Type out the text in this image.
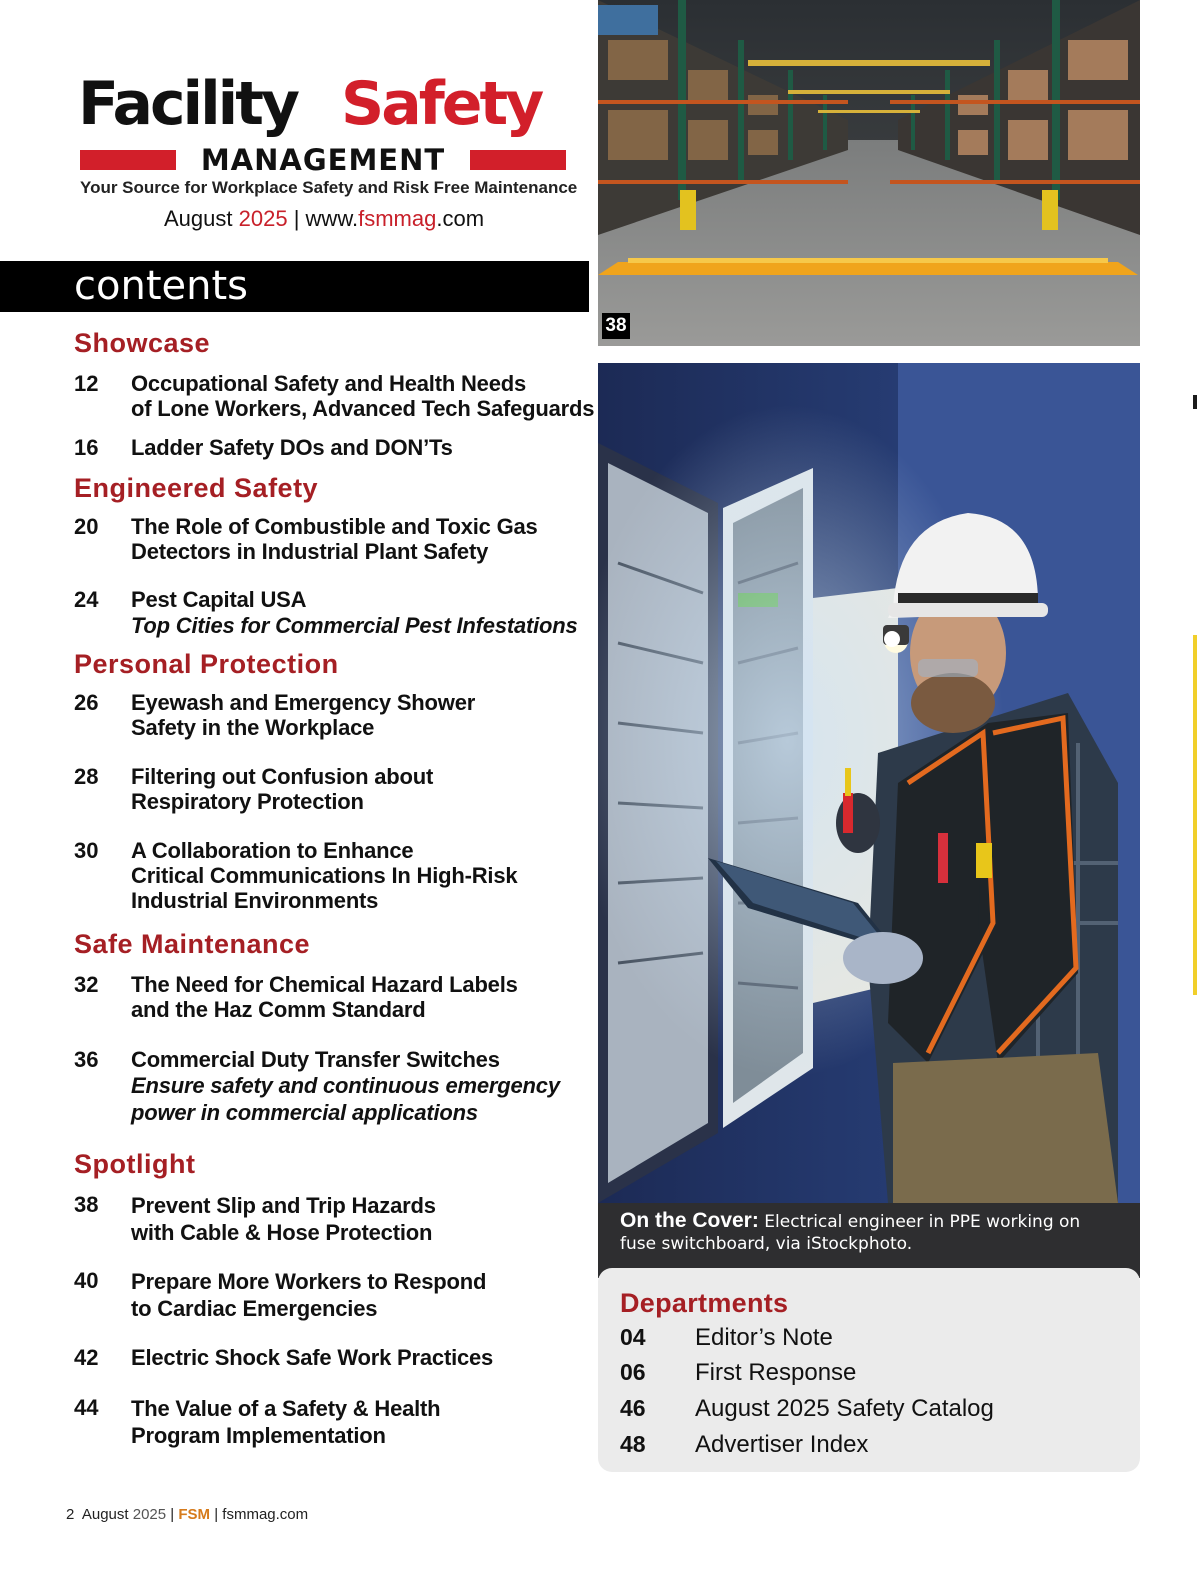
Facility Safety
MANAGEMENT
Your Source for Workplace Safety and Risk Free Maintenance
August 2025 | www.fsmmag.com
contents
Showcase
12 Occupational Safety and Health Needs
of Lone Workers, Advanced Tech Safeguards
16 Ladder Safety DOs and DON’Ts
Engineered Safety
20 The Role of Combustible and Toxic Gas
Detectors in Industrial Plant Safety
24 Pest Capital USA
Top Cities for Commercial Pest Infestations
Personal Protection
26 Eyewash and Emergency Shower
Safety in the Workplace
28 Filtering out Confusion about
Respiratory Protection
30 A Collaboration to Enhance
Critical Communications In High-Risk
Industrial Environments
Safe Maintenance
32 The Need for Chemical Hazard Labels
and the Haz Comm Standard
36 Commercial Duty Transfer Switches
Ensure safety and continuous emergency power in commercial applications
Spotlight
38 Prevent Slip and Trip Hazards
with Cable & Hose Protection
40 Prepare More Workers to Respond
to Cardiac Emergencies
42 Electric Shock Safe Work Practices
44 The Value of a Safety & Health
Program Implementation
38
On the Cover: Electrical engineer in PPE working on fuse switchboard, via iStockphoto.
Departments
04 Editor’s Note
06 First Response
46 August 2025 Safety Catalog
48 Advertiser Index
2 August 2025 | FSM | fsmmag.com
